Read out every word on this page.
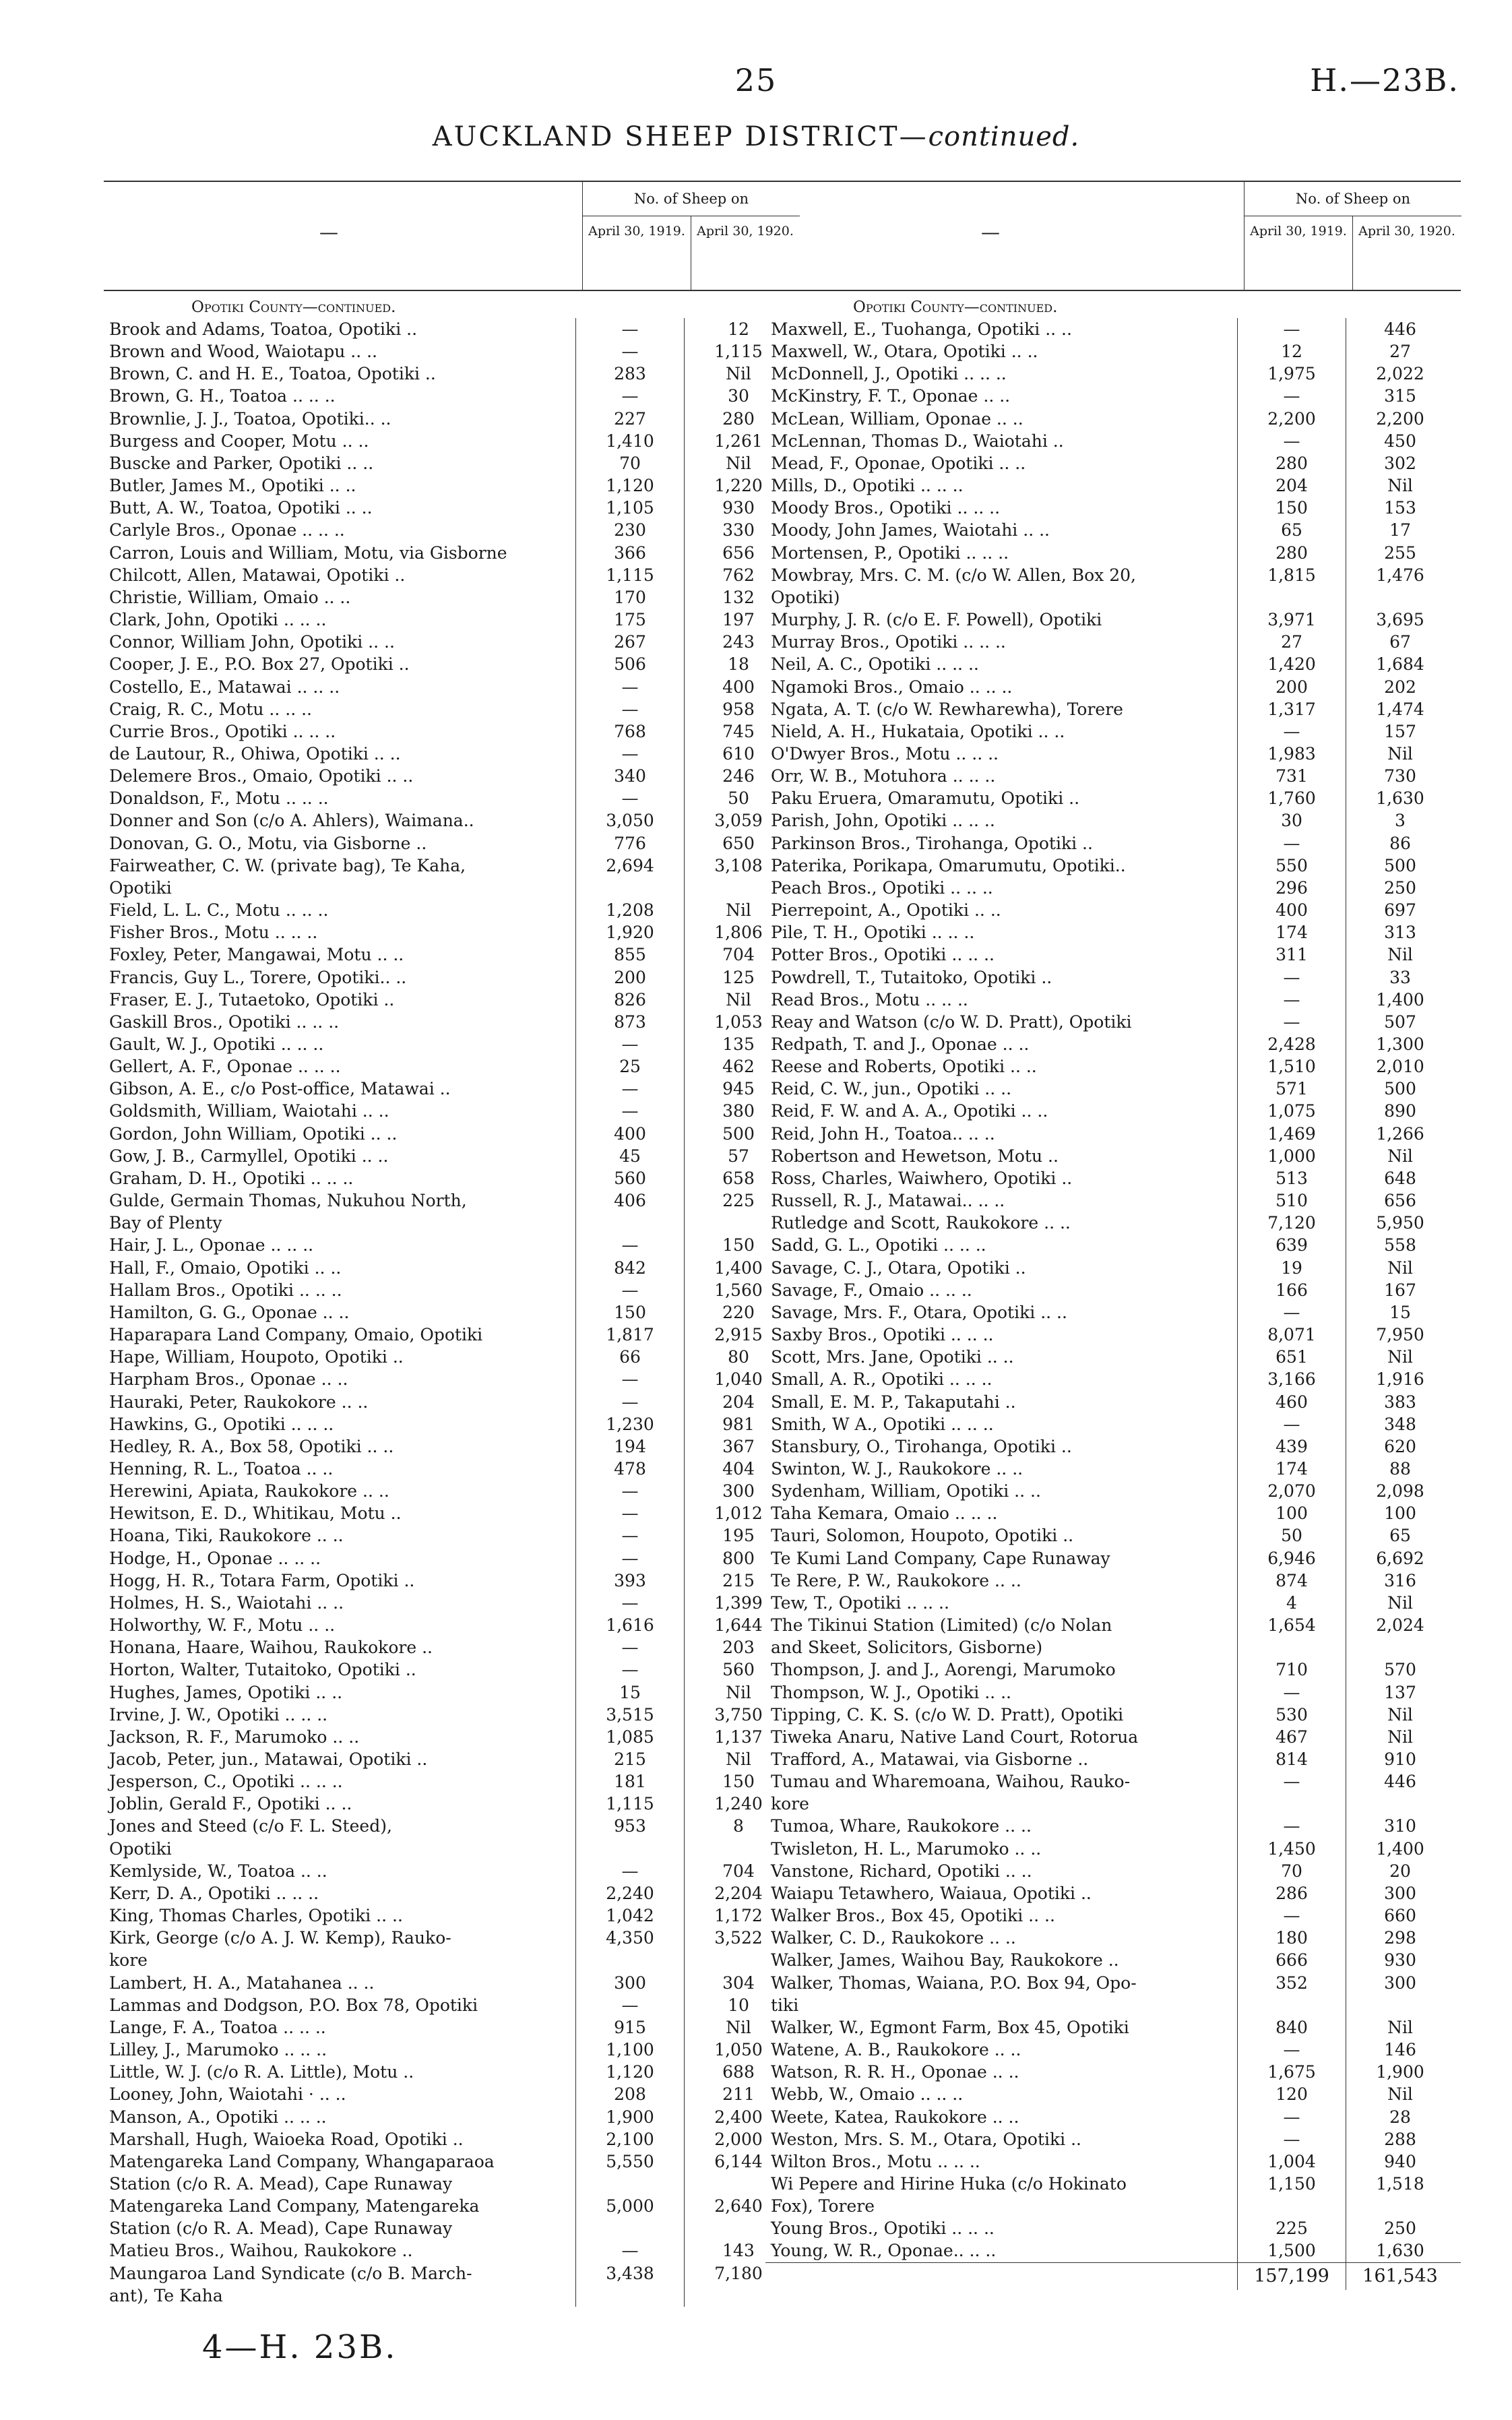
25	H.—23B.
AUCKLAND SHEEP DISTRICT—continued.
—
No. of Sheep on
April 30, 1919. April 30, 1920.
Opotiki County—continued.
Brook and Adams, Toatoa, Opotiki ..	—	12
Brown and Wood, Waiotapu .. ..	—	1,115
Brown, C. and H. E., Toatoa, Opotiki ..	283	Nil
Brown, G. H., Toatoa .. .. ..	—	30
Brownlie, J. J., Toatoa, Opotiki.. ..	227	280
Burgess and Cooper, Motu .. ..	1,410	1,261
Buscke and Parker, Opotiki .. ..	70	Nil
Butler, James M., Opotiki .. ..	1,120	1,220
Butt, A. W., Toatoa, Opotiki .. ..	1,105	930
Carlyle Bros., Oponae .. .. ..	230	330
Carron, Louis and William, Motu, via Gisborne	366	656
Chilcott, Allen, Matawai, Opotiki ..	1,115	762
Christie, William, Omaio .. ..	170	132
Clark, John, Opotiki .. .. ..	175	197
Connor, William John, Opotiki .. ..	267	243
Cooper, J. E., P.O. Box 27, Opotiki ..	506	18
Costello, E., Matawai .. .. ..	—	400
Craig, R. C., Motu .. .. ..	—	958
Currie Bros., Opotiki .. .. ..	768	745
de Lautour, R., Ohiwa, Opotiki .. ..	—	610
Delemere Bros., Omaio, Opotiki .. ..	340	246
Donaldson, F., Motu .. .. ..	—	50
Donner and Son (c/o A. Ahlers), Waimana..	3,050	3,059
Donovan, G. O., Motu, via Gisborne ..	776	650
Fairweather, C. W. (private bag), Te Kaha,	2,694	3,108
Opotiki
Field, L. L. C., Motu .. .. ..	1,208	Nil
Fisher Bros., Motu .. .. ..	1,920	1,806
Foxley, Peter, Mangawai, Motu .. ..	855	704
Francis, Guy L., Torere, Opotiki.. ..	200	125
Fraser, E. J., Tutaetoko, Opotiki ..	826	Nil
Gaskill Bros., Opotiki .. .. ..	873	1,053
Gault, W. J., Opotiki .. .. ..	—	135
Gellert, A. F., Oponae .. .. ..	25	462
Gibson, A. E., c/o Post-office, Matawai ..	—	945
Goldsmith, William, Waiotahi .. ..	—	380
Gordon, John William, Opotiki .. ..	400	500
Gow, J. B., Carmyllel, Opotiki .. ..	45	57
Graham, D. H., Opotiki .. .. ..	560	658
Gulde, Germain Thomas, Nukuhou North,	406	225
Bay of Plenty
Hair, J. L., Oponae .. .. ..	—	150
Hall, F., Omaio, Opotiki .. ..	842	1,400
Hallam Bros., Opotiki .. .. ..	—	1,560
Hamilton, G. G., Oponae .. ..	150	220
Haparapara Land Company, Omaio, Opotiki	1,817	2,915
Hape, William, Houpoto, Opotiki ..	66	80
Harpham Bros., Oponae .. ..	—	1,040
Hauraki, Peter, Raukokore .. ..	—	204
Hawkins, G., Opotiki .. .. ..	1,230	981
Hedley, R. A., Box 58, Opotiki .. ..	194	367
Henning, R. L., Toatoa .. ..	478	404
Herewini, Apiata, Raukokore .. ..	—	300
Hewitson, E. D., Whitikau, Motu ..	—	1,012
Hoana, Tiki, Raukokore .. ..	—	195
Hodge, H., Oponae .. .. ..	—	800
Hogg, H. R., Totara Farm, Opotiki ..	393	215
Holmes, H. S., Waiotahi .. ..	—	1,399
Holworthy, W. F., Motu .. ..	1,616	1,644
Honana, Haare, Waihou, Raukokore ..	—	203
Horton, Walter, Tutaitoko, Opotiki ..	—	560
Hughes, James, Opotiki .. ..	15	Nil
Irvine, J. W., Opotiki .. .. ..	3,515	3,750
Jackson, R. F., Marumoko .. ..	1,085	1,137
Jacob, Peter, jun., Matawai, Opotiki ..	215	Nil
Jesperson, C., Opotiki .. .. ..	181	150
Joblin, Gerald F., Opotiki .. ..	1,115	1,240
Jones and Steed (c/o F. L. Steed),	953	8
Opotiki
Kemlyside, W., Toatoa .. ..	—	704
Kerr, D. A., Opotiki .. .. ..	2,240	2,204
King, Thomas Charles, Opotiki .. ..	1,042	1,172
Kirk, George (c/o A. J. W. Kemp), Rauko-	4,350	3,522
kore
Lambert, H. A., Matahanea .. ..	300	304
Lammas and Dodgson, P.O. Box 78, Opotiki	—	10
Lange, F. A., Toatoa .. .. ..	915	Nil
Lilley, J., Marumoko .. .. ..	1,100	1,050
Little, W. J. (c/o R. A. Little), Motu ..	1,120	688
Looney, John, Waiotahi · .. ..	208	211
Manson, A., Opotiki .. .. ..	1,900	2,400
Marshall, Hugh, Waioeka Road, Opotiki ..	2,100	2,000
Matengareka Land Company, Whangaparaoa	5,550	6,144
Station (c/o R. A. Mead), Cape Runaway
Matengareka Land Company, Matengareka	5,000	2,640
Station (c/o R. A. Mead), Cape Runaway
Matieu Bros., Waihou, Raukokore ..	—	143
Maungaroa Land Syndicate (c/o B. March-	3,438	7,180
ant), Te Kaha
—
No. of Sheep on
April 30, 1919. April 30, 1920.
Opotiki County—continued.
Maxwell, E., Tuohanga, Opotiki .. ..	—	446
Maxwell, W., Otara, Opotiki .. ..	12	27
McDonnell, J., Opotiki .. .. ..	1,975	2,022
McKinstry, F. T., Oponae .. ..	—	315
McLean, William, Oponae .. ..	2,200	2,200
McLennan, Thomas D., Waiotahi ..	—	450
Mead, F., Oponae, Opotiki .. ..	280	302
Mills, D., Opotiki .. .. ..	204	Nil
Moody Bros., Opotiki .. .. ..	150	153
Moody, John James, Waiotahi .. ..	65	17
Mortensen, P., Opotiki .. .. ..	280	255
Mowbray, Mrs. C. M. (c/o W. Allen, Box 20,	1,815	1,476
Opotiki)
Murphy, J. R. (c/o E. F. Powell), Opotiki	3,971	3,695
Murray Bros., Opotiki .. .. ..	27	67
Neil, A. C., Opotiki .. .. ..	1,420	1,684
Ngamoki Bros., Omaio .. .. ..	200	202
Ngata, A. T. (c/o W. Rewharewha), Torere	1,317	1,474
Nield, A. H., Hukataia, Opotiki .. ..	—	157
O'Dwyer Bros., Motu .. .. ..	1,983	Nil
Orr, W. B., Motuhora .. .. ..	731	730
Paku Eruera, Omaramutu, Opotiki ..	1,760	1,630
Parish, John, Opotiki .. .. ..	30	3
Parkinson Bros., Tirohanga, Opotiki ..	—	86
Paterika, Porikapa, Omarumutu, Opotiki..	550	500
Peach Bros., Opotiki .. .. ..	296	250
Pierrepoint, A., Opotiki .. ..	400	697
Pile, T. H., Opotiki .. .. ..	174	313
Potter Bros., Opotiki .. .. ..	311	Nil
Powdrell, T., Tutaitoko, Opotiki ..	—	33
Read Bros., Motu .. .. ..	—	1,400
Reay and Watson (c/o W. D. Pratt), Opotiki	—	507
Redpath, T. and J., Oponae .. ..	2,428	1,300
Reese and Roberts, Opotiki .. ..	1,510	2,010
Reid, C. W., jun., Opotiki .. ..	571	500
Reid, F. W. and A. A., Opotiki .. ..	1,075	890
Reid, John H., Toatoa.. .. ..	1,469	1,266
Robertson and Hewetson, Motu ..	1,000	Nil
Ross, Charles, Waiwhero, Opotiki ..	513	648
Russell, R. J., Matawai.. .. ..	510	656
Rutledge and Scott, Raukokore .. ..	7,120	5,950
Sadd, G. L., Opotiki .. .. ..	639	558
Savage, C. J., Otara, Opotiki ..	19	Nil
Savage, F., Omaio .. .. ..	166	167
Savage, Mrs. F., Otara, Opotiki .. ..	—	15
Saxby Bros., Opotiki .. .. ..	8,071	7,950
Scott, Mrs. Jane, Opotiki .. ..	651	Nil
Small, A. R., Opotiki .. .. ..	3,166	1,916
Small, E. M. P., Takaputahi ..	460	383
Smith, W A., Opotiki .. .. ..	—	348
Stansbury, O., Tirohanga, Opotiki ..	439	620
Swinton, W. J., Raukokore .. ..	174	88
Sydenham, William, Opotiki .. ..	2,070	2,098
Taha Kemara, Omaio .. .. ..	100	100
Tauri, Solomon, Houpoto, Opotiki ..	50	65
Te Kumi Land Company, Cape Runaway	6,946	6,692
Te Rere, P. W., Raukokore .. ..	874	316
Tew, T., Opotiki .. .. ..	4	Nil
The Tikinui Station (Limited) (c/o Nolan	1,654	2,024
and Skeet, Solicitors, Gisborne)
Thompson, J. and J., Aorengi, Marumoko	710	570
Thompson, W. J., Opotiki .. ..	—	137
Tipping, C. K. S. (c/o W. D. Pratt), Opotiki	530	Nil
Tiweka Anaru, Native Land Court, Rotorua	467	Nil
Trafford, A., Matawai, via Gisborne ..	814	910
Tumau and Wharemoana, Waihou, Rauko-	—	446
kore
Tumoa, Whare, Raukokore .. ..	—	310
Twisleton, H. L., Marumoko .. ..	1,450	1,400
Vanstone, Richard, Opotiki .. ..	70	20
Waiapu Tetawhero, Waiaua, Opotiki ..	286	300
Walker Bros., Box 45, Opotiki .. ..	—	660
Walker, C. D., Raukokore .. ..	180	298
Walker, James, Waihou Bay, Raukokore ..	666	930
Walker, Thomas, Waiana, P.O. Box 94, Opo-	352	300
tiki
Walker, W., Egmont Farm, Box 45, Opotiki	840	Nil
Watene, A. B., Raukokore .. ..	—	146
Watson, R. R. H., Oponae .. ..	1,675	1,900
Webb, W., Omaio .. .. ..	120	Nil
Weete, Katea, Raukokore .. ..	—	28
Weston, Mrs. S. M., Otara, Opotiki ..	—	288
Wilton Bros., Motu .. .. ..	1,004	940
Wi Pepere and Hirine Huka (c/o Hokinato	1,150	1,518
Fox), Torere
Young Bros., Opotiki .. .. ..	225	250
Young, W. R., Oponae.. .. ..	1,500	1,630
157,199	161,543
4—H. 23B.
